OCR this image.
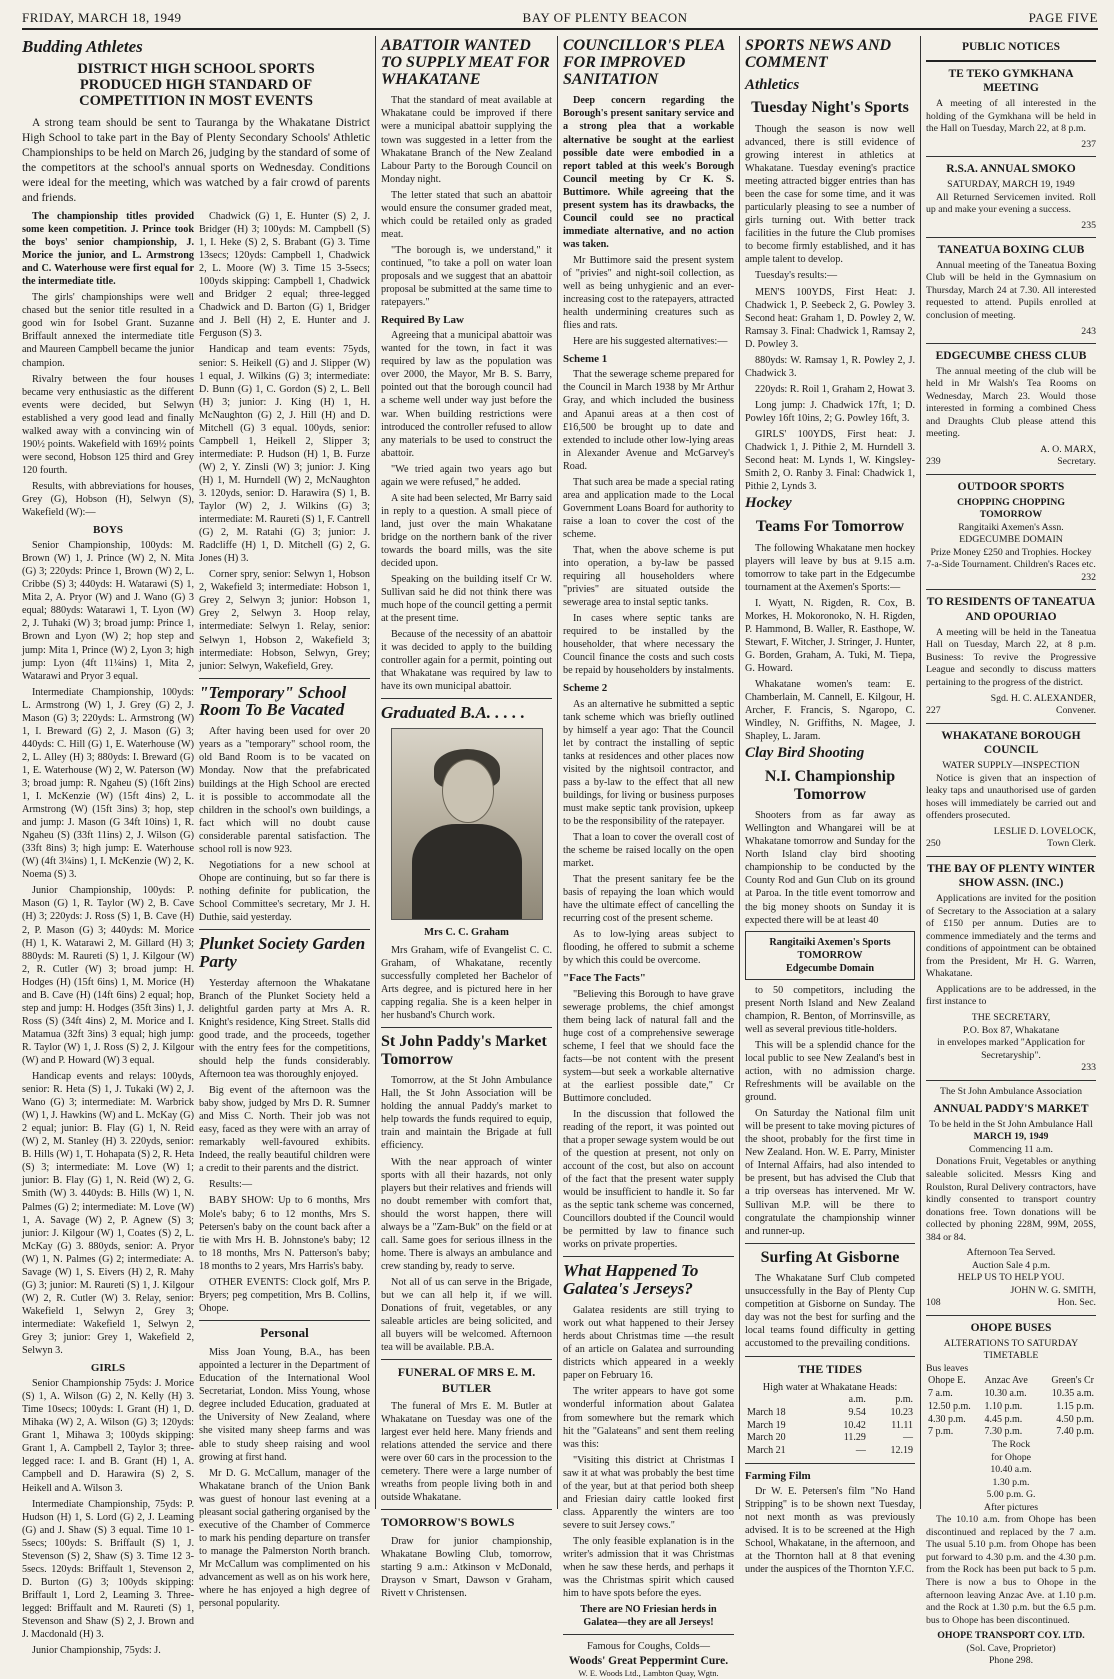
FRIDAY, MARCH 18, 1949	BAY OF PLENTY BEACON	PAGE FIVE
Budding Athletes
DISTRICT HIGH SCHOOL SPORTS PRODUCED HIGH STANDARD OF COMPETITION IN MOST EVENTS

A strong team should be sent to Tauranga by the Whakatane District High School to take part in the Bay of Plenty Secondary Schools' Athletic Championships to be held on March 26, judging by the standard of some of the competitors at the school's annual sports on Wednesday. Conditions were ideal for the meeting, which was watched by a fair crowd of parents and friends.

The championship titles provided some keen competition. J. Prince took the boys' senior championship, J. Morice the junior, and L. Armstrong and C. Waterhouse were first equal for the intermediate title.

The girls' championships were well chased but the senior title resulted in a good win for Isobel Grant. Suzanne Briffault annexed the intermediate title and Maureen Campbell became the junior champion.

Rivalry between the four houses became very enthusiastic as the different events were decided, but Selwyn established a very good lead and finally walked away with a convincing win of 190½ points. Wakefield with 169½ points were second, Hobson 125 third and Grey 120 fourth.

Results, with abbreviations for houses, Grey (G), Hobson (H), Selwyn (S), Wakefield (W):—

BOYS

Senior Championship, 100yds: M. Brown (W) 1, J. Prince (W) 2, N. Mita (G) 3; 220yds: Prince 1, Brown (W) 2, L. Cribbe (S) 3; 440yds: H. Watarawi (S) 1, Mita 2, A. Pryor (W) and J. Wano (G) 3 equal; 880yds: Watarawi 1, T. Lyon (W) 2, J. Tuhaki (W) 3; broad jump: Prince 1, Brown and Lyon (W) 2; hop step and jump: Mita 1, Prince (W) 2, Lyon 3; high jump: Lyon (4ft 11¼ins) 1, Mita 2, Watarawi and Pryor 3 equal.

Intermediate Championship, 100yds: L. Armstrong (W) 1, J. Grey (G) 2, J. Mason (G) 3; 220yds: L. Armstrong (W) 1, I. Breward (G) 2, J. Mason (G) 3; 440yds: C. Hill (G) 1, E. Waterhouse (W) 2, L. Alley (H) 3; 880yds: I. Breward (G) 1, E. Waterhouse (W) 2, W. Paterson (W) 3; broad jump: R. Ngaheu (S) (16ft 2ins) 1, I. McKenzie (W) (15ft 4ins) 2, L. Armstrong (W) (15ft 3ins) 3; hop, step and jump: J. Mason (G 34ft 10ins) 1, R. Ngaheu (S) (33ft 11ins) 2, J. Wilson (G) (33ft 8ins) 3; high jump: E. Waterhouse (W) (4ft 3¼ins) 1, I. McKenzie (W) 2, K. Noema (S) 3.

Junior Championship, 100yds: P. Mason (G) 1, R. Taylor (W) 2, B. Cave (H) 3; 220yds: J. Ross (S) 1, B. Cave (H) 2, P. Mason (G) 3; 440yds: M. Morice (H) 1, K. Watarawi 2, M. Gillard (H) 3; 880yds: M. Raureti (S) 1, J. Kilgour (W) 2, R. Cutler (W) 3; broad jump: H. Hodges (H) (15ft 6ins) 1, M. Morice (H) and B. Cave (H) (14ft 6ins) 2 equal; hop, step and jump: H. Hodges (35ft 3ins) 1, J. Ross (S) (34ft 4ins) 2, M. Morice and I. Matamua (32ft 3ins) 3 equal; high jump: R. Taylor (W) 1, J. Ross (S) 2, J. Kilgour (W) and P. Howard (W) 3 equal.

Handicap events and relays: 100yds, senior: R. Heta (S) 1, J. Tukaki (W) 2, J. Wano (G) 3; intermediate: M. Warbrick (W) 1, J. Hawkins (W) and L. McKay (G) 2 equal; junior: B. Flay (G) 1, N. Reid (W) 2, M. Stanley (H) 3. 220yds, senior: B. Hills (W) 1, T. Hohapata (S) 2, R. Heta (S) 3; intermediate: M. Love (W) 1; junior: B. Flay (G) 1, N. Reid (W) 2, G. Smith (W) 3. 440yds: B. Hills (W) 1, N. Palmes (G) 2; intermediate: M. Love (W) 1, A. Savage (W) 2, P. Agnew (S) 3; junior: J. Kilgour (W) 1, Coates (S) 2, L. McKay (G) 3. 880yds, senior: A. Pryor (W) 1, N. Palmes (G) 2; intermediate: A. Savage (W) 1, S. Eivers (H) 2, R. Mahy (G) 3; junior: M. Raureti (S) 1, J. Kilgour (W) 2, R. Cutler (W) 3. Relay, senior: Wakefield 1, Selwyn 2, Grey 3; intermediate: Wakefield 1, Selwyn 2, Grey 3; junior: Grey 1, Wakefield 2, Selwyn 3.

GIRLS

Senior Championship 75yds: J. Morice (S) 1, A. Wilson (G) 2, N. Kelly (H) 3. Time 10secs; 100yds: I. Grant (H) 1, D. Mihaka (W) 2, A. Wilson (G) 3; 120yds: Grant 1, Mihawa 3; 100yds skipping: Grant 1, A. Campbell 2, Taylor 3; three-legged race: I. and B. Grant (H) 1, A. Campbell and D. Harawira (S) 2, S. Heikell and A. Wilson 3.

Intermediate Championship, 75yds: P. Hudson (H) 1, S. Lord (G) 2, J. Leaming (G) and J. Shaw (S) 3 equal. Time 10 1-5secs; 100yds: S. Briffault (S) 1, J. Stevenson (S) 2, Shaw (S) 3. Time 12 3-5secs. 120yds: Briffault 1, Stevenson 2, D. Burton (G) 3; 100yds skipping: Briffault 1, Lord 2, Leaming 3. Three-legged: Briffault and M. Raureti (S) 1, Stevenson and Shaw (S) 2, J. Brown and J. Macdonald (H) 3.

Junior Championship, 75yds: J.

Chadwick (G) 1, E. Hunter (S) 2, J. Bridger (H) 3; 100yds: M. Campbell (S) 1, I. Heke (S) 2, S. Brabant (G) 3. Time 13secs; 120yds: Campbell 1, Chadwick 2, L. Moore (W) 3. Time 15 3-5secs; 100yds skipping: Campbell 1, Chadwick and Bridger 2 equal; three-legged Chadwick and D. Barton (G) 1, Bridger and J. Bell (H) 2, E. Hunter and J. Ferguson (S) 3.

Handicap and team events: 75yds, senior: S. Heikell (G) and J. Slipper (W) 1 equal, J. Wilkins (G) 3; intermediate: D. Bunn (G) 1, C. Gordon (S) 2, L. Bell (H) 3; junior: J. King (H) 1, H. McNaughton (G) 2, J. Hill (H) and D. Mitchell (G) 3 equal. 100yds, senior: Campbell 1, Heikell 2, Slipper 3; intermediate: P. Hudson (H) 1, B. Furze (W) 2, Y. Zinsli (W) 3; junior: J. King (H) 1, M. Hurndell (W) 2, McNaughton 3. 120yds, senior: D. Harawira (S) 1, B. Taylor (W) 2, J. Wilkins (G) 3; intermediate: M. Raureti (S) 1, F. Cantrell (G) 2, M. Ratahi (G) 3; junior: J. Radcliffe (H) 1, D. Mitchell (G) 2, G. Jones (H) 3.

Corner spry, senior: Selwyn 1, Hobson 2, Wakefield 3; intermediate: Hobson 1, Grey 2, Selwyn 3; junior: Hobson 1, Grey 2, Selwyn 3. Hoop relay, intermediate: Selwyn 1. Relay, senior: Selwyn 1, Hobson 2, Wakefield 3; intermediate: Hobson, Selwyn, Grey; junior: Selwyn, Wakefield, Grey.

"Temporary" School Room To Be Vacated

After having been used for over 20 years as a "temporary" school room, the old Band Room is to be vacated on Monday. Now that the prefabricated buildings at the High School are erected it is possible to accommodate all the children in the school's own buildings, a fact which will no doubt cause considerable parental satisfaction. The school roll is now 923.

Negotiations for a new school at Ohope are continuing, but so far there is nothing definite for publication, the School Committee's secretary, Mr J. H. Duthie, said yesterday.

Plunket Society Garden Party

Yesterday afternoon the Whakatane Branch of the Plunket Society held a delightful garden party at Mrs A. R. Knight's residence, King Street. Stalls did good trade, and the proceeds, together with the entry fees for the competitions, should help the funds considerably. Afternoon tea was thoroughly enjoyed.

Big event of the afternoon was the baby show, judged by Mrs D. R. Sumner and Miss C. North. Their job was not easy, faced as they were with an array of remarkably well-favoured exhibits. Indeed, the really beautiful children were a credit to their parents and the district.

Results:—

BABY SHOW: Up to 6 months, Mrs Mole's baby; 6 to 12 months, Mrs S. Petersen's baby on the count back after a tie with Mrs H. B. Johnstone's baby; 12 to 18 months, Mrs N. Patterson's baby; 18 months to 2 years, Mrs Harris's baby.

OTHER EVENTS: Clock golf, Mrs P. Bryers; peg competition, Mrs B. Collins, Ohope.

Personal

Miss Joan Young, B.A., has been appointed a lecturer in the Department of Education of the International Wool Secretariat, London. Miss Young, whose degree included Education, graduated at the University of New Zealand, where she visited many sheep farms and was able to study sheep raising and wool growing at first hand.

Mr D. G. McCallum, manager of the Whakatane branch of the Union Bank was guest of honour last evening at a pleasant social gathering organised by the executive of the Chamber of Commerce to mark his pending departure on transfer to manage the Palmerston North branch. Mr McCallum was complimented on his advancement as well as on his work here, where he has enjoyed a high degree of personal popularity.

ABATTOIR WANTED TO SUPPLY MEAT FOR WHAKATANE

That the standard of meat available at Whakatane could be improved if there were a municipal abattoir supplying the town was suggested in a letter from the Whakatane Branch of the New Zealand Labour Party to the Borough Council on Monday night.

The letter stated that such an abattoir would ensure the consumer graded meat, which could be retailed only as graded meat.

"The borough is, we understand," it continued, "to take a poll on water loan proposals and we suggest that an abattoir proposal be submitted at the same time to ratepayers."

Required By Law

Agreeing that a municipal abattoir was wanted for the town, in fact it was required by law as the population was over 2000, the Mayor, Mr B. S. Barry, pointed out that the borough council had a scheme well under way just before the war. When building restrictions were introduced the controller refused to allow any materials to be used to construct the abattoir.

"We tried again two years ago but again we were refused," he added.

A site had been selected, Mr Barry said in reply to a question. A small piece of land, just over the main Whakatane bridge on the northern bank of the river towards the board mills, was the site decided upon.

Speaking on the building itself Cr W. Sullivan said he did not think there was much hope of the council getting a permit at the present time.

Because of the necessity of an abattoir it was decided to apply to the building controller again for a permit, pointing out that Whakatane was required by law to have its own municipal abattoir.

Graduated B.A. . . . .
Mrs C. C. Graham

Mrs Graham, wife of Evangelist C. C. Graham, of Whakatane, recently successfully completed her Bachelor of Arts degree, and is pictured here in her capping regalia. She is a keen helper in her husband's Church work.

St John Paddy's Market Tomorrow

Tomorrow, at the St John Ambulance Hall, the St John Association will be holding the annual Paddy's market to help towards the funds required to equip, train and maintain the Brigade at full efficiency.

With the near approach of winter sports with all their hazards, not only players but their relatives and friends will no doubt remember with comfort that, should the worst happen, there will always be a "Zam-Buk" on the field or at call. Same goes for serious illness in the home. There is always an ambulance and crew standing by, ready to serve.

Not all of us can serve in the Brigade, but we can all help it, if we will. Donations of fruit, vegetables, or any saleable articles are being solicited, and all buyers will be welcomed. Afternoon tea will be available. P.B.A.

FUNERAL OF MRS E. M. BUTLER

The funeral of Mrs E. M. Butler at Whakatane on Tuesday was one of the largest ever held here. Many friends and relations attended the service and there were over 60 cars in the procession to the cemetery. There were a large number of wreaths from people living both in and outside Whakatane.

TOMORROW'S BOWLS

Draw for junior championship, Whakatane Bowling Club, tomorrow, starting 9 a.m.: Atkinson v McDonald, Drayson v Smart, Dawson v Graham, Rivett v Christensen.

COUNCILLOR'S PLEA FOR IMPROVED SANITATION

Deep concern regarding the Borough's present sanitary service and a strong plea that a workable alternative be sought at the earliest possible date were embodied in a report tabled at this week's Borough Council meeting by Cr K. S. Buttimore. While agreeing that the present system has its drawbacks, the Council could see no practical immediate alternative, and no action was taken.

Mr Buttimore said the present system of "privies" and night-soil collection, as well as being unhygienic and an ever-increasing cost to the ratepayers, attracted health undermining creatures such as flies and rats.

Here are his suggested alternatives:—

Scheme 1

That the sewerage scheme prepared for the Council in March 1938 by Mr Arthur Gray, and which included the business and Apanui areas at a then cost of £16,500 be brought up to date and extended to include other low-lying areas in Alexander Avenue and McGarvey's Road.

That such area be made a special rating area and application made to the Local Government Loans Board for authority to raise a loan to cover the cost of the scheme.

That, when the above scheme is put into operation, a by-law be passed requiring all householders where "privies" are situated outside the sewerage area to instal septic tanks.

In cases where septic tanks are required to be installed by the householder, that where necessary the Council finance the costs and such costs be repaid by householders by instalments.

Scheme 2

As an alternative he submitted a septic tank scheme which was briefly outlined by himself a year ago: That the Council let by contract the installing of septic tanks at residences and other places now visited by the nightsoil contractor, and pass a by-law to the effect that all new buildings, for living or business purposes must make septic tank provision, upkeep to be the responsibility of the ratepayer.

That a loan to cover the overall cost of the scheme be raised locally on the open market.

That the present sanitary fee be the basis of repaying the loan which would have the ultimate effect of cancelling the recurring cost of the present scheme.

As to low-lying areas subject to flooding, he offered to submit a scheme by which this could be overcome.

"Face The Facts"

"Believing this Borough to have grave sewerage problems, the chief amongst them being lack of natural fall and the huge cost of a comprehensive sewerage scheme, I feel that we should face the facts—be not content with the present system—but seek a workable alternative at the earliest possible date," Cr Buttimore concluded.

In the discussion that followed the reading of the report, it was pointed out that a proper sewage system would be out of the question at present, not only on account of the cost, but also on account of the fact that the present water supply would be insufficient to handle it. So far as the septic tank scheme was concerned, Councillors doubted if the Council would be permitted by law to finance such works on private properties.

What Happened To Galatea's Jerseys?

Galatea residents are still trying to work out what happened to their Jersey herds about Christmas time —the result of an article on Galatea and surrounding districts which appeared in a weekly paper on February 16.

The writer appears to have got some wonderful information about Galatea from somewhere but the remark which hit the "Galateans" and sent them reeling was this:

"Visiting this district at Christmas I saw it at what was probably the best time of the year, but at that period both sheep and Friesian dairy cattle looked first class. Apparently the winters are too severe to suit Jersey cows."

The only feasible explanation is in the writer's admission that it was Christmas when he saw these herds, and perhaps it was the Christmas spirit which caused him to have spots before the eyes.

There are NO Friesian herds in Galatea—they are all Jerseys!

Famous for Coughs, Colds—
Woods' Great Peppermint Cure.
W. E. Woods Ltd., Lambton Quay, Wgtn.
SPORTS NEWS AND COMMENT
Athletics
Tuesday Night's Sports

Though the season is now well advanced, there is still evidence of growing interest in athletics at Whakatane. Tuesday evening's practice meeting attracted bigger entries than has been the case for some time, and it was particularly pleasing to see a number of girls turning out. With better track facilities in the future the Club promises to become firmly established, and it has ample talent to develop.

Tuesday's results:—

MEN'S 100YDS, First Heat: J. Chadwick 1, P. Seebeck 2, G. Powley 3. Second heat: Graham 1, D. Powley 2, W. Ramsay 3. Final: Chadwick 1, Ramsay 2, D. Powley 3.

880yds: W. Ramsay 1, R. Powley 2, J. Chadwick 3.

220yds: R. Roil 1, Graham 2, Howat 3.

Long jump: J. Chadwick 17ft, 1; D. Powley 16ft 10ins, 2; G. Powley 16ft, 3.

GIRLS' 100YDS, First heat: J. Chadwick 1, J. Pithie 2, M. Hurndell 3. Second heat: M. Lynds 1, W. Kingsley-Smith 2, O. Ranby 3. Final: Chadwick 1, Pithie 2, Lynds 3.

Hockey
Teams For Tomorrow

The following Whakatane men hockey players will leave by bus at 9.15 a.m. tomorrow to take part in the Edgecumbe tournament at the Axemen's Sports:—

I. Wyatt, N. Rigden, R. Cox, B. Morkes, H. Mokoronoko, N. H. Rigden, P. Hammond, B. Waller, R. Easthope, W. Stewart, F. Witcher, J. Stringer, J. Hunter, G. Borden, Graham, A. Tuki, M. Tiepa, G. Howard.

Whakatane women's team: E. Chamberlain, M. Cannell, E. Kilgour, H. Archer, F. Francis, S. Ngaropo, C. Windley, N. Griffiths, N. Magee, J. Shapley, L. Jaram.

Clay Bird Shooting
N.I. Championship Tomorrow

Shooters from as far away as Wellington and Whangarei will be at Whakatane tomorrow and Sunday for the North Island clay bird shooting championship to be conducted by the County Rod and Gun Club on its ground at Paroa. In the title event tomorrow and the big money shoots on Sunday it is expected there will be at least 40

Rangitaiki Axemen's Sports
TOMORROW
Edgecumbe Domain

to 50 competitors, including the present North Island and New Zealand champion, R. Benton, of Morrinsville, as well as several previous title-holders.

This will be a splendid chance for the local public to see New Zealand's best in action, with no admission charge. Refreshments will be available on the ground.

On Saturday the National film unit will be present to take moving pictures of the shoot, probably for the first time in New Zealand. Hon. W. E. Parry, Minister of Internal Affairs, had also intended to be present, but has advised the Club that a trip overseas has intervened. Mr W. Sullivan M.P. will be there to congratulate the championship winner and runner-up.

Surfing At Gisborne

The Whakatane Surf Club competed unsuccessfully in the Bay of Plenty Cup competition at Gisborne on Sunday. The day was not the best for surfing and the local teams found difficulty in getting accustomed to the prevailing conditions.

THE TIDES
High water at Whakatane Heads:
	a.m.	p.m.
March 18	9.54	10.23
March 19	10.42	11.11
March 20	11.29	—
March 21	—	12.19
Farming Film

Dr W. E. Petersen's film "No Hand Stripping" is to be shown next Tuesday, not next month as was previously advised. It is to be screened at the High School, Whakatane, in the afternoon, and at the Thornton hall at 8 that evening under the auspices of the Thornton Y.F.C.

PUBLIC NOTICES
TE TEKO GYMKHANA MEETING

A meeting of all interested in the holding of the Gymkhana will be held in the Hall on Tuesday, March 22, at 8 p.m.

237
R.S.A. ANNUAL SMOKO
SATURDAY, MARCH 19, 1949

All Returned Servicemen invited. Roll up and make your evening a success.

235
TANEATUA BOXING CLUB

Annual meeting of the Taneatua Boxing Club will be held in the Gymnasium on Thursday, March 24 at 7.30. All interested requested to attend. Pupils enrolled at conclusion of meeting.

243
EDGECUMBE CHESS CLUB

The annual meeting of the club will be held in Mr Walsh's Tea Rooms on Wednesday, March 23. Would those interested in forming a combined Chess and Draughts Club please attend this meeting.

A. O. MARX,
239	Secretary.
OUTDOOR SPORTS
CHOPPING CHOPPING
TOMORROW
Rangitaiki Axemen's Assn.
EDGECUMBE DOMAIN
Prize Money £250 and Trophies. Hockey 7-a-Side Tournament. Children's Races etc.
232
TO RESIDENTS OF TANEATUA AND OPOURIAO

A meeting will be held in the Taneatua Hall on Tuesday, March 22, at 8 p.m. Business: To revive the Progressive League and secondly to discuss matters pertaining to the progress of the district.

Sgd. H. C. ALEXANDER,
227	Convener.
WHAKATANE BOROUGH COUNCIL
WATER SUPPLY—INSPECTION

Notice is given that an inspection of leaky taps and unauthorised use of garden hoses will immediately be carried out and offenders prosecuted.

LESLIE D. LOVELOCK,
250	Town Clerk.
THE BAY OF PLENTY WINTER SHOW ASSN. (INC.)

Applications are invited for the position of Secretary to the Association at a salary of £150 per annum. Duties are to commence immediately and the terms and conditions of appointment can be obtained from the President, Mr H. G. Warren, Whakatane.

Applications are to be addressed, in the first instance to

THE SECRETARY,
P.O. Box 87, Whakatane
in envelopes marked "Application for Secretaryship".
233
The St John Ambulance Association
ANNUAL PADDY'S MARKET
To be held in the St John Ambulance Hall
MARCH 19, 1949
Commencing 11 a.m.

Donations Fruit, Vegetables or anything saleable solicited. Messrs King and Roulston, Rural Delivery contractors, have kindly consented to transport country donations free. Town donations will be collected by phoning 228M, 99M, 205S, 384 or 84.

Afternoon Tea Served.
Auction Sale 4 p.m.
HELP US TO HELP YOU.
JOHN W. G. SMITH,
108	Hon. Sec.
OHOPE BUSES
ALTERATIONS TO SATURDAY TIMETABLE
Bus leaves
Ohope E.	Anzac Ave	Green's Cr
7 a.m.	10.30 a.m.	10.35 a.m.
12.50 p.m.	1.10 p.m.	1.15 p.m.
4.30 p.m.	4.45 p.m.	4.50 p.m.
7 p.m.	7.30 p.m.	7.40 p.m.
The Rock
for Ohope
10.40 a.m.
1.30 p.m.
5.00 p.m. G.
After pictures

The 10.10 a.m. from Ohope has been discontinued and replaced by the 7 a.m. The usual 5.10 p.m. from Ohope has been put forward to 4.30 p.m. and the 4.30 p.m. from the Rock has been put back to 5 p.m. There is now a bus to Ohope in the afternoon leaving Anzac Ave. at 1.10 p.m. and the Rock at 1.30 p.m. but the 6.5 p.m. bus to Ohope has been discontinued.

OHOPE TRANSPORT COY. LTD.
(Sol. Cave, Proprietor)
Phone 298.
